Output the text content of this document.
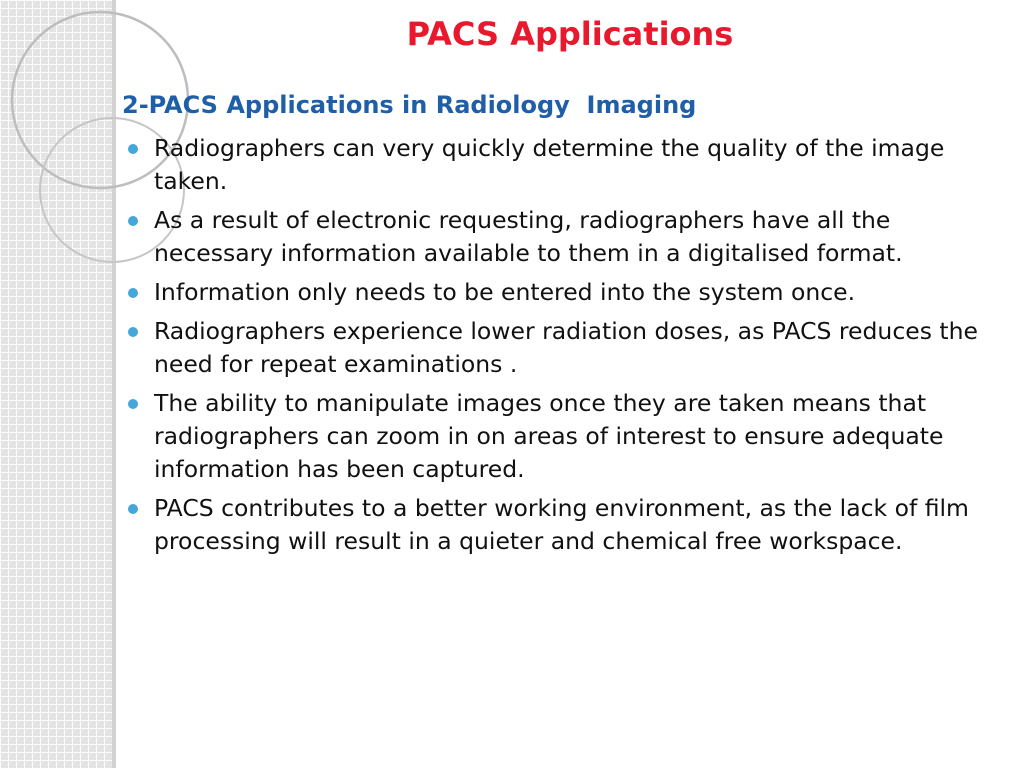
PACS Applications
2-PACS Applications in Radiology  Imaging
Radiographers can very quickly determine the quality of the image taken.
As a result of electronic requesting, radiographers have all the necessary information available to them in a digitalised format.
Information only needs to be entered into the system once.
Radiographers experience lower radiation doses, as PACS reduces the need for repeat examinations .
The ability to manipulate images once they are taken means that radiographers can zoom in on areas of interest to ensure adequate information has been captured.
PACS contributes to a better working environment, as the lack of film processing will result in a quieter and chemical free workspace.
